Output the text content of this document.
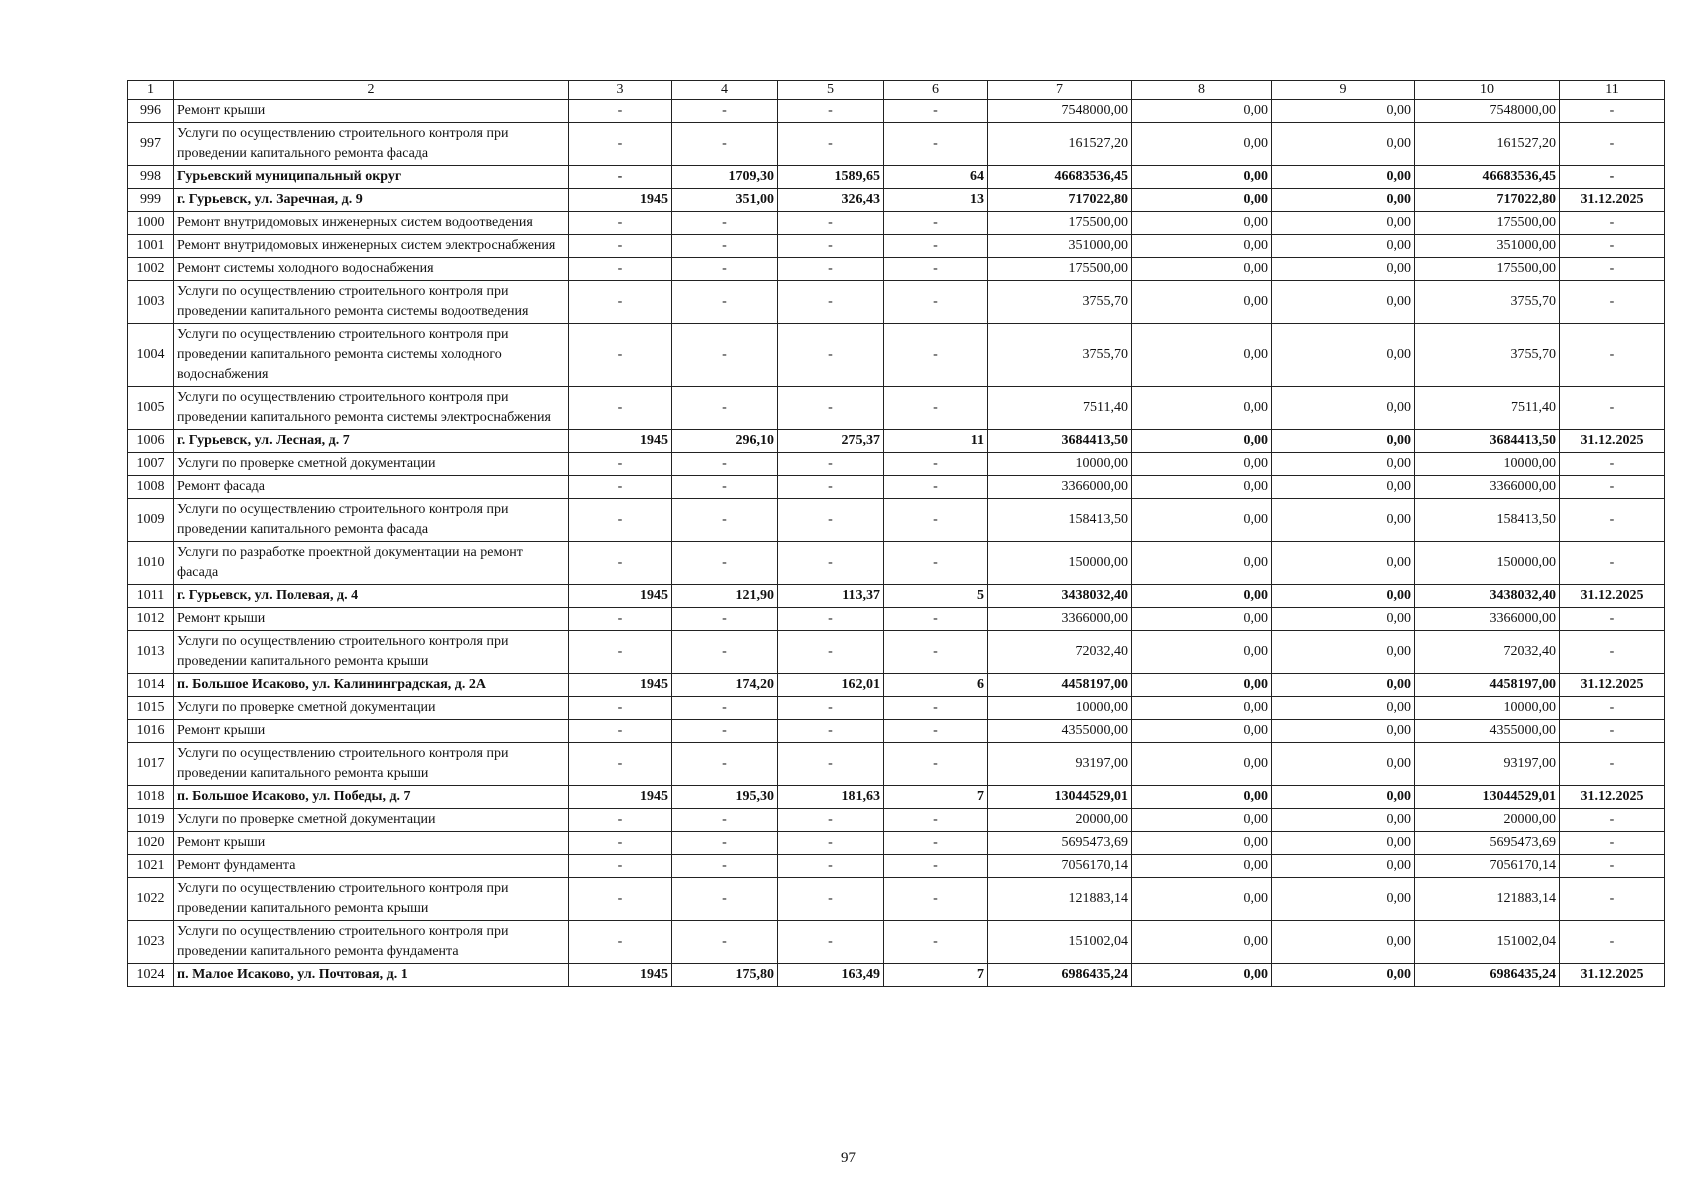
1	2	3	4	5	6	7	8	9	10	11
996	Ремонт крыши	-	-	-	-	7548000,00	0,00	0,00	7548000,00	-
997	Услуги по осуществлению строительного контроля при проведении капитального ремонта фасада	-	-	-	-	161527,20	0,00	0,00	161527,20	-
998	Гурьевский муниципальный округ	-	1709,30	1589,65	64	46683536,45	0,00	0,00	46683536,45	-
999	г. Гурьевск, ул. Заречная, д. 9	1945	351,00	326,43	13	717022,80	0,00	0,00	717022,80	31.12.2025
1000	Ремонт внутридомовых инженерных систем водоотведения	-	-	-	-	175500,00	0,00	0,00	175500,00	-
1001	Ремонт внутридомовых инженерных систем электроснабжения	-	-	-	-	351000,00	0,00	0,00	351000,00	-
1002	Ремонт системы холодного водоснабжения	-	-	-	-	175500,00	0,00	0,00	175500,00	-
1003	Услуги по осуществлению строительного контроля при проведении капитального ремонта системы водоотведения	-	-	-	-	3755,70	0,00	0,00	3755,70	-
1004	Услуги по осуществлению строительного контроля при проведении капитального ремонта системы холодного водоснабжения	-	-	-	-	3755,70	0,00	0,00	3755,70	-
1005	Услуги по осуществлению строительного контроля при проведении капитального ремонта системы электроснабжения	-	-	-	-	7511,40	0,00	0,00	7511,40	-
1006	г. Гурьевск, ул. Лесная, д. 7	1945	296,10	275,37	11	3684413,50	0,00	0,00	3684413,50	31.12.2025
1007	Услуги по проверке сметной документации	-	-	-	-	10000,00	0,00	0,00	10000,00	-
1008	Ремонт фасада	-	-	-	-	3366000,00	0,00	0,00	3366000,00	-
1009	Услуги по осуществлению строительного контроля при проведении капитального ремонта фасада	-	-	-	-	158413,50	0,00	0,00	158413,50	-
1010	Услуги по разработке проектной документации на ремонт фасада	-	-	-	-	150000,00	0,00	0,00	150000,00	-
1011	г. Гурьевск, ул. Полевая, д. 4	1945	121,90	113,37	5	3438032,40	0,00	0,00	3438032,40	31.12.2025
1012	Ремонт крыши	-	-	-	-	3366000,00	0,00	0,00	3366000,00	-
1013	Услуги по осуществлению строительного контроля при проведении капитального ремонта крыши	-	-	-	-	72032,40	0,00	0,00	72032,40	-
1014	п. Большое Исаково, ул. Калининградская, д. 2А	1945	174,20	162,01	6	4458197,00	0,00	0,00	4458197,00	31.12.2025
1015	Услуги по проверке сметной документации	-	-	-	-	10000,00	0,00	0,00	10000,00	-
1016	Ремонт крыши	-	-	-	-	4355000,00	0,00	0,00	4355000,00	-
1017	Услуги по осуществлению строительного контроля при проведении капитального ремонта крыши	-	-	-	-	93197,00	0,00	0,00	93197,00	-
1018	п. Большое Исаково, ул. Победы, д. 7	1945	195,30	181,63	7	13044529,01	0,00	0,00	13044529,01	31.12.2025
1019	Услуги по проверке сметной документации	-	-	-	-	20000,00	0,00	0,00	20000,00	-
1020	Ремонт крыши	-	-	-	-	5695473,69	0,00	0,00	5695473,69	-
1021	Ремонт фундамента	-	-	-	-	7056170,14	0,00	0,00	7056170,14	-
1022	Услуги по осуществлению строительного контроля при проведении капитального ремонта крыши	-	-	-	-	121883,14	0,00	0,00	121883,14	-
1023	Услуги по осуществлению строительного контроля при проведении капитального ремонта фундамента	-	-	-	-	151002,04	0,00	0,00	151002,04	-
1024	п. Малое Исаково, ул. Почтовая, д. 1	1945	175,80	163,49	7	6986435,24	0,00	0,00	6986435,24	31.12.2025
97
